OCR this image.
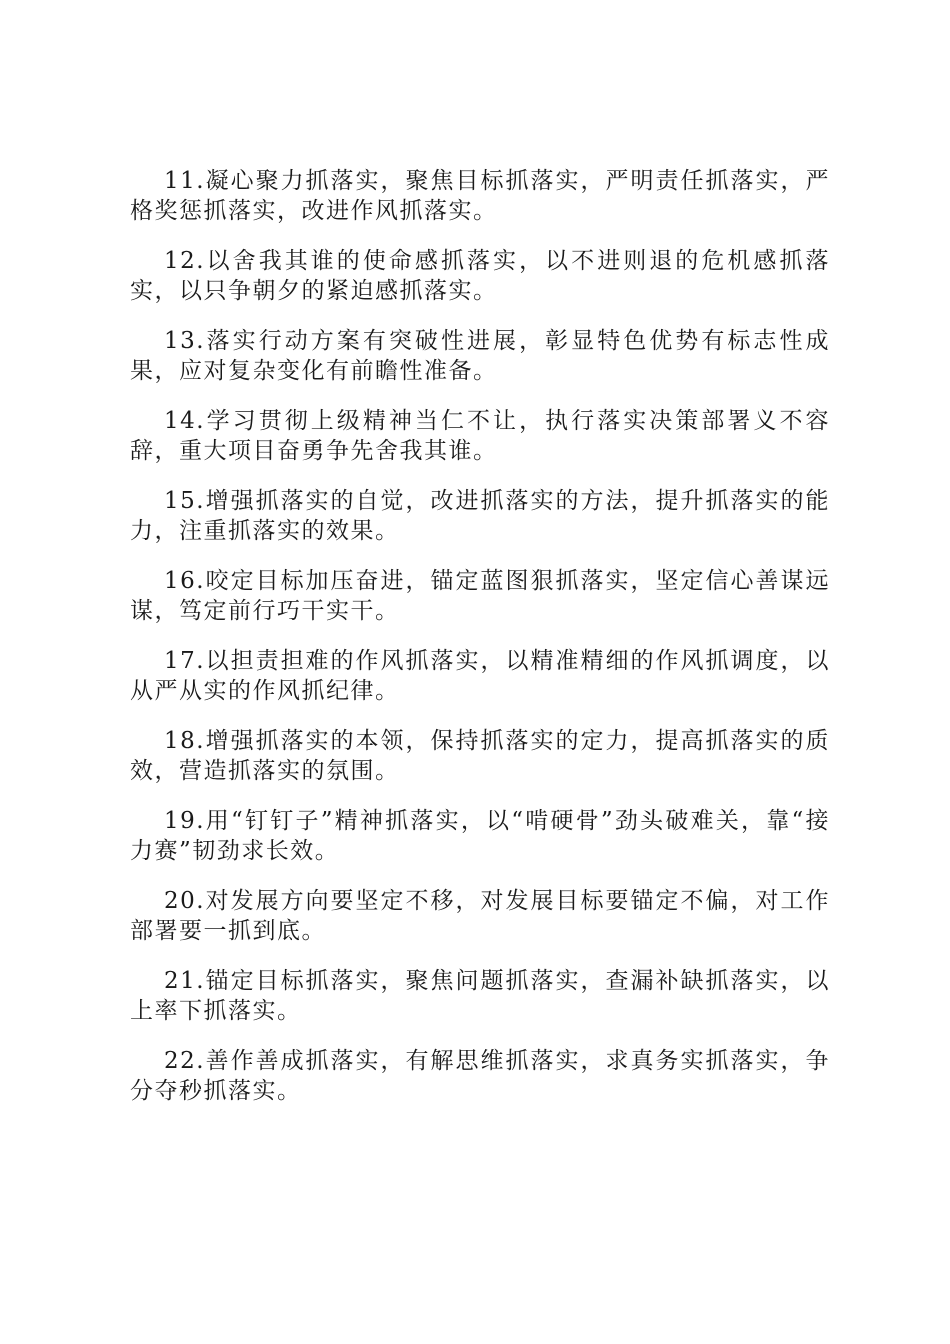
11.凝心聚力抓落实，聚焦目标抓落实，严明责任抓落实，严格奖惩抓落实，改进作风抓落实。

12.以舍我其谁的使命感抓落实，以不进则退的危机感抓落实，以只争朝夕的紧迫感抓落实。

13.落实行动方案有突破性进展，彰显特色优势有标志性成果，应对复杂变化有前瞻性准备。

14.学习贯彻上级精神当仁不让，执行落实决策部署义不容辞，重大项目奋勇争先舍我其谁。

15.增强抓落实的自觉，改进抓落实的方法，提升抓落实的能力，注重抓落实的效果。

16.咬定目标加压奋进，锚定蓝图狠抓落实，坚定信心善谋远谋，笃定前行巧干实干。

17.以担责担难的作风抓落实，以精准精细的作风抓调度，以从严从实的作风抓纪律。

18.增强抓落实的本领，保持抓落实的定力，提高抓落实的质效，营造抓落实的氛围。

19.用“钉钉子”精神抓落实，以“啃硬骨”劲头破难关，靠“接力赛”韧劲求长效。

20.对发展方向要坚定不移，对发展目标要锚定不偏，对工作部署要一抓到底。

21.锚定目标抓落实，聚焦问题抓落实，查漏补缺抓落实，以上率下抓落实。

22.善作善成抓落实，有解思维抓落实，求真务实抓落实，争分夺秒抓落实。
